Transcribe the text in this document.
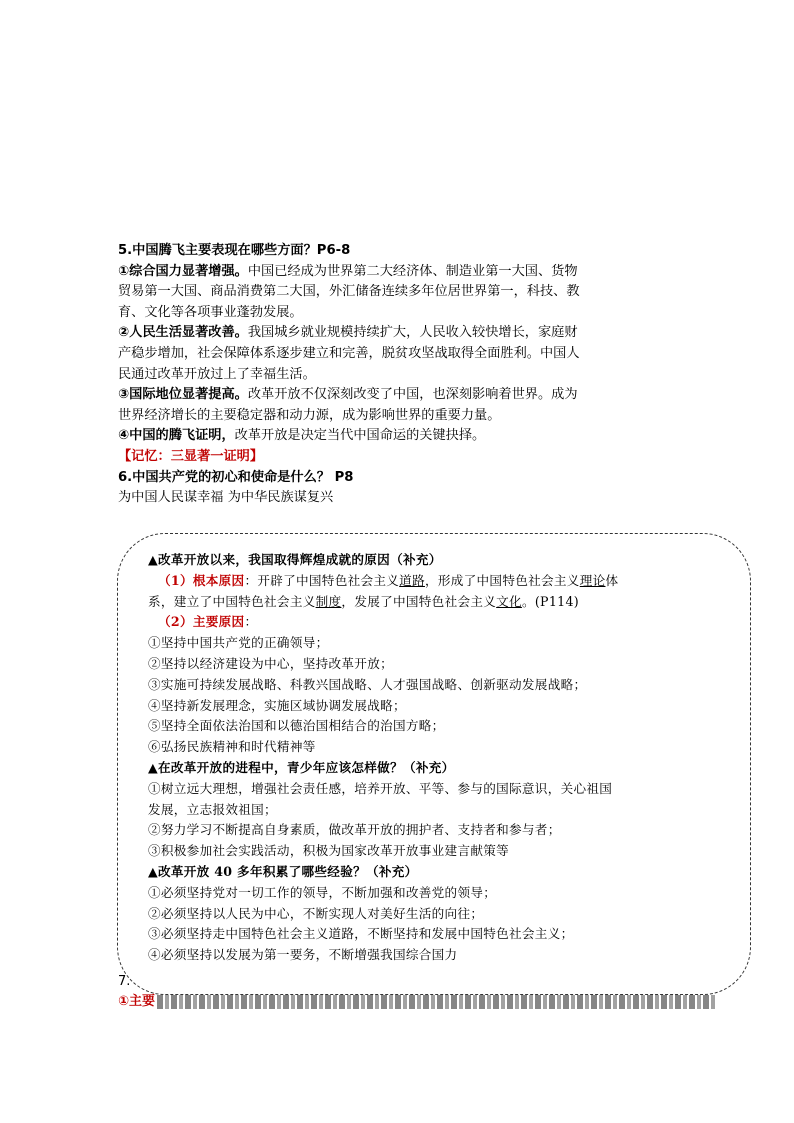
5.中国腾飞主要表现在哪些方面？P6-8
①综合国力显著增强。中国已经成为世界第二大经济体、制造业第一大国、货物
贸易第一大国、商品消费第二大国，外汇储备连续多年位居世界第一，科技、教
育、文化等各项事业蓬勃发展。
②人民生活显著改善。我国城乡就业规模持续扩大，人民收入较快增长，家庭财
产稳步增加，社会保障体系逐步建立和完善，脱贫攻坚战取得全面胜利。中国人
民通过改革开放过上了幸福生活。
③国际地位显著提高。改革开放不仅深刻改变了中国，也深刻影响着世界。成为
世界经济增长的主要稳定器和动力源，成为影响世界的重要力量。
④中国的腾飞证明，改革开放是决定当代中国命运的关键抉择。
【记忆：三显著一证明】
6.中国共产党的初心和使命是什么？ P8
为中国人民谋幸福 为中华民族谋复兴
7.
①主要
▲改革开放以来，我国取得辉煌成就的原因（补充）
（1）根本原因：开辟了中国特色社会主义道路，形成了中国特色社会主义理论体
系，建立了中国特色社会主义制度，发展了中国特色社会主义文化。(P114)
（2）主要原因：
①坚持中国共产党的正确领导；
②坚持以经济建设为中心，坚持改革开放；
③实施可持续发展战略、科教兴国战略、人才强国战略、创新驱动发展战略；
④坚持新发展理念，实施区域协调发展战略；
⑤坚持全面依法治国和以德治国相结合的治国方略；
⑥弘扬民族精神和时代精神等
▲在改革开放的进程中，青少年应该怎样做？（补充）
①树立远大理想，增强社会责任感，培养开放、平等、参与的国际意识，关心祖国
发展，立志报效祖国；
②努力学习不断提高自身素质，做改革开放的拥护者、支持者和参与者；
③积极参加社会实践活动，积极为国家改革开放事业建言献策等
▲改革开放 40 多年积累了哪些经验？（补充）
①必须坚持党对一切工作的领导，不断加强和改善党的领导；
②必须坚持以人民为中心，不断实现人对美好生活的向往；
③必须坚持走中国特色社会主义道路，不断坚持和发展中国特色社会主义；
④必须坚持以发展为第一要务，不断增强我国综合国力
